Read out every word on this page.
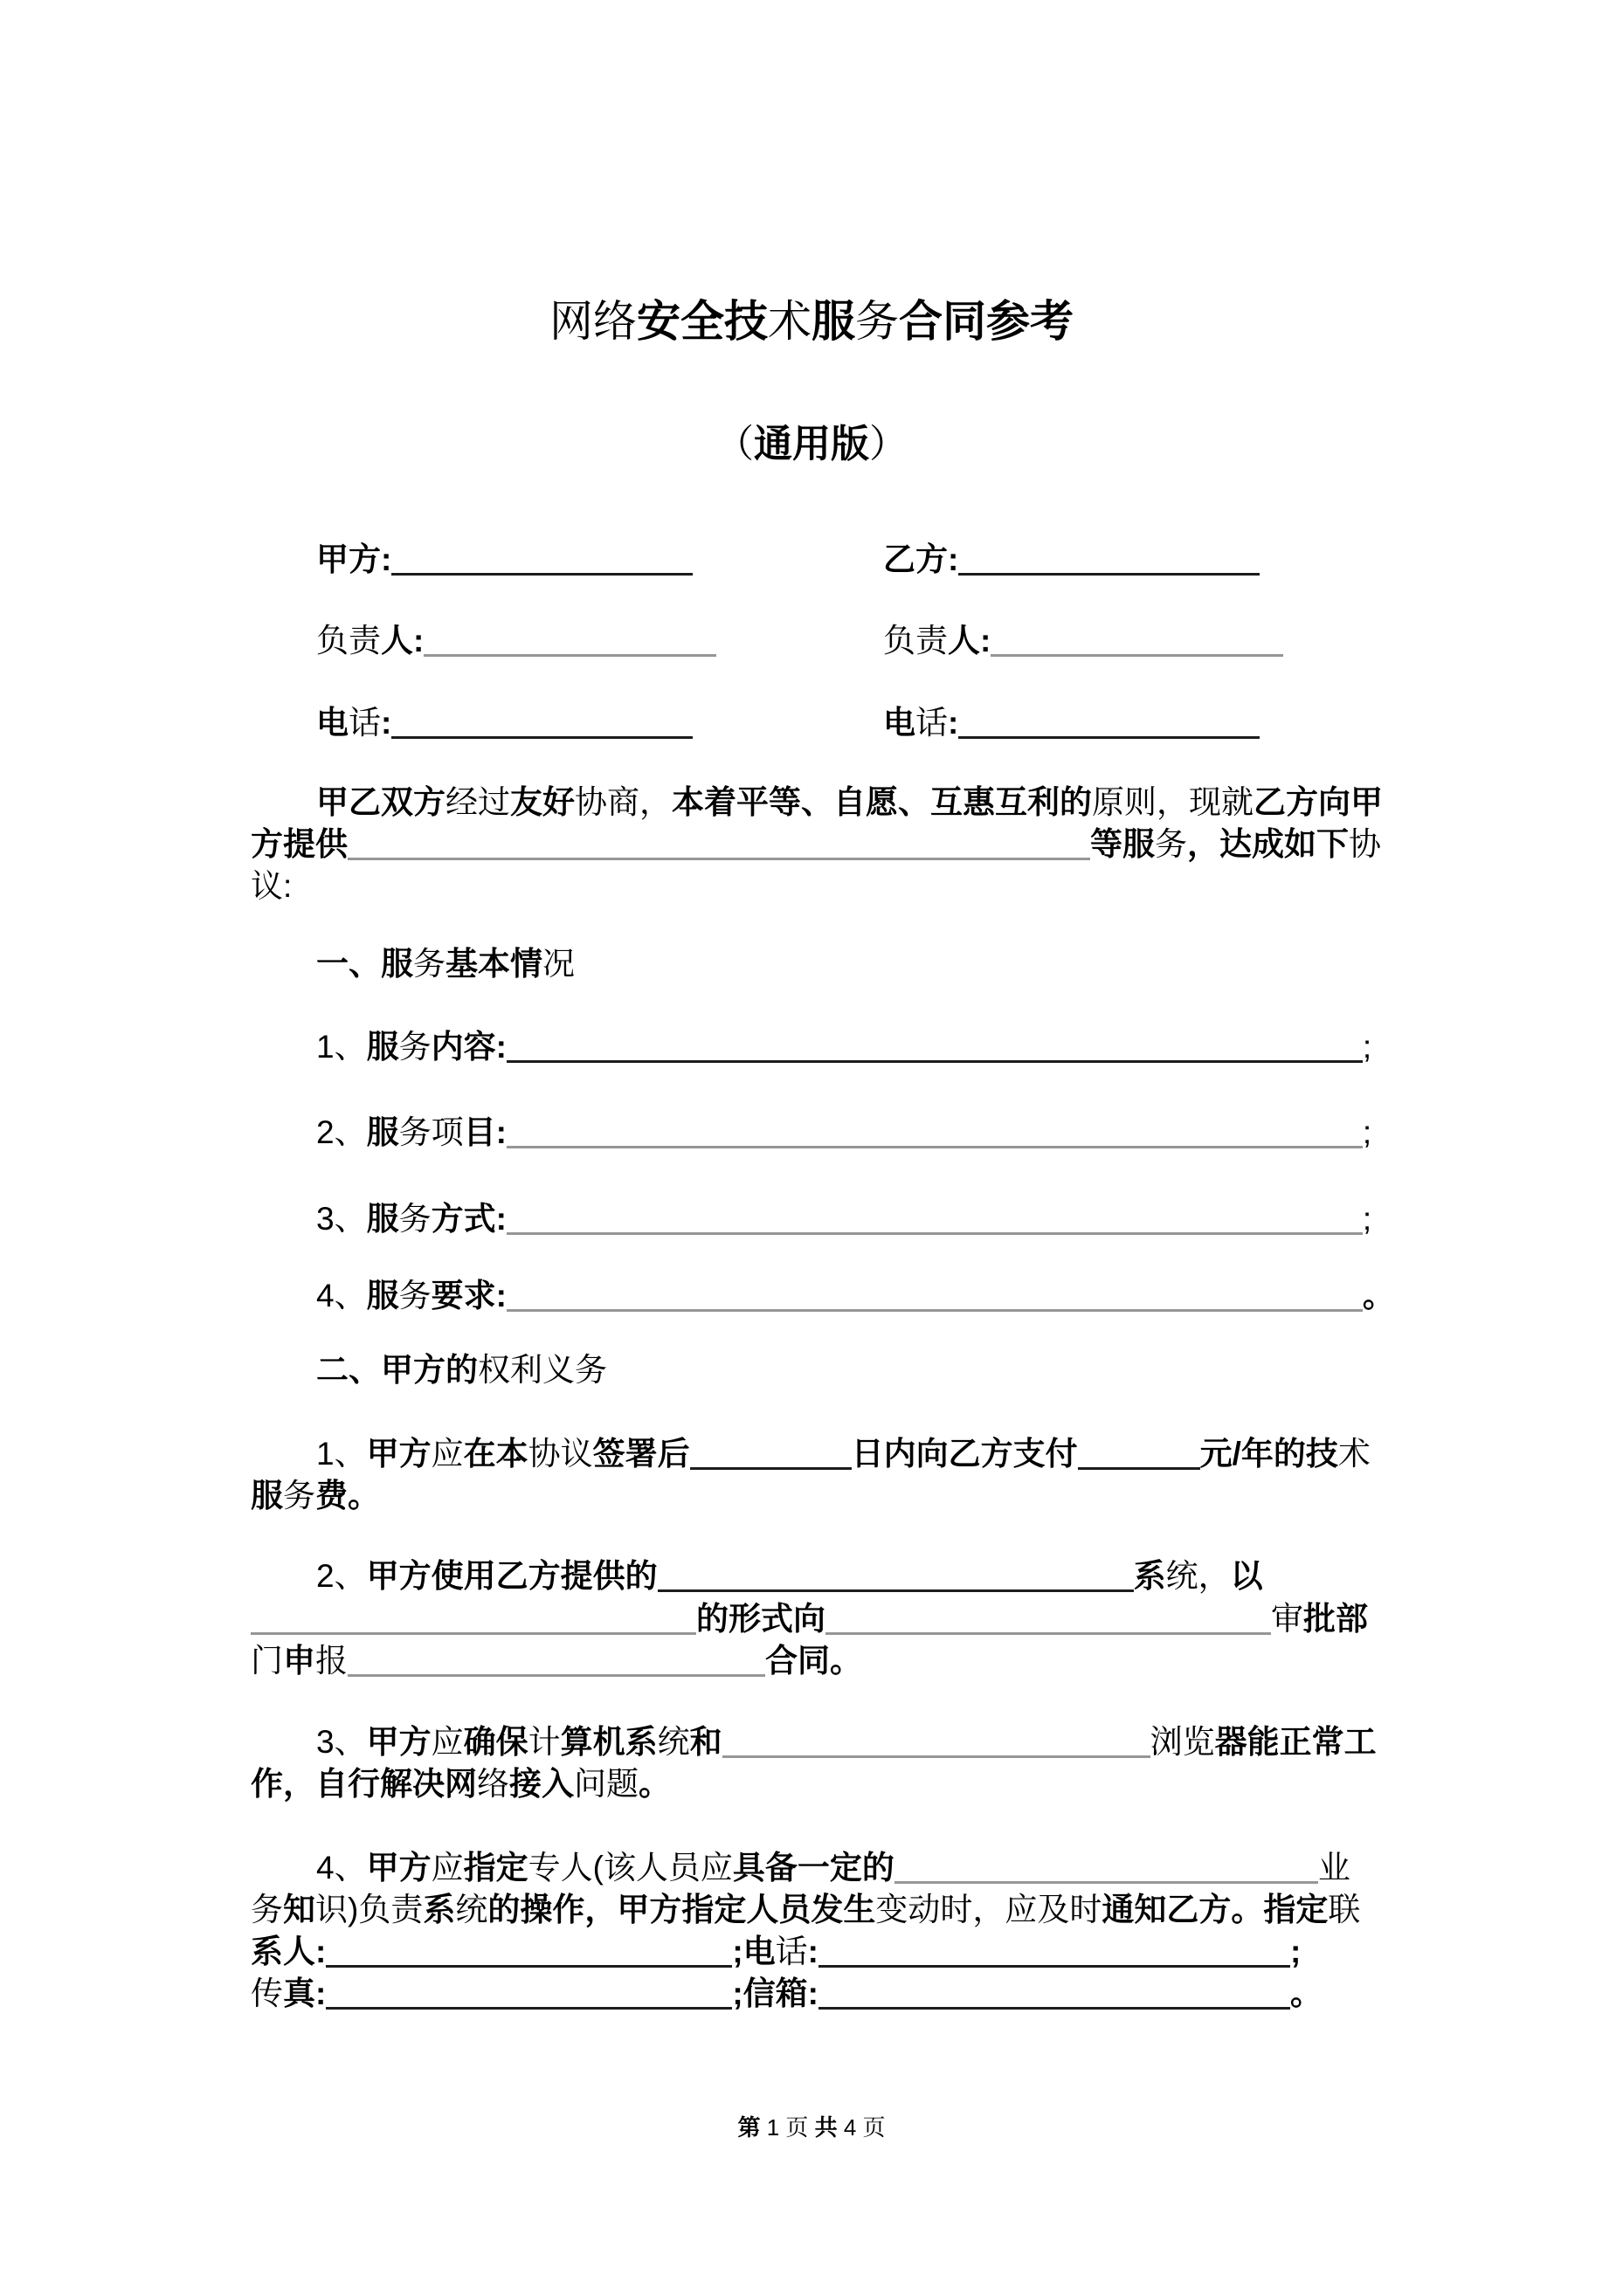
网络安全技术服务合同参考
（通用版）
甲方:	乙方:
负责人:	负责人:
电话:	电话:
甲乙双方经过友好协商，本着平等、自愿、互惠互利的原则，现就乙方向甲
方提供	等服务，达成如下协
议:
一、服务基本情况
1、服务内容:	;
2、服务项目:	;
3、服务方式:	;
4、服务要求:	。
二、甲方的权利义务
1、甲方应在本协议签署后	日内向乙方支付	元/年的技术
服务费。
2、甲方使用乙方提供的	系统，以
的形式向	审批部
门申报	合同。
3、甲方应确保计算机系统和	浏览器能正常工
作，自行解决网络接入问题。
4、甲方应指定专人(该人员应具备一定的	业
务知识)负责系统的操作，甲方指定人员发生变动时，应及时通知乙方。指定联
系人:	;电话:	;
传真:	;信箱:	。
第 1 页 共 4 页
